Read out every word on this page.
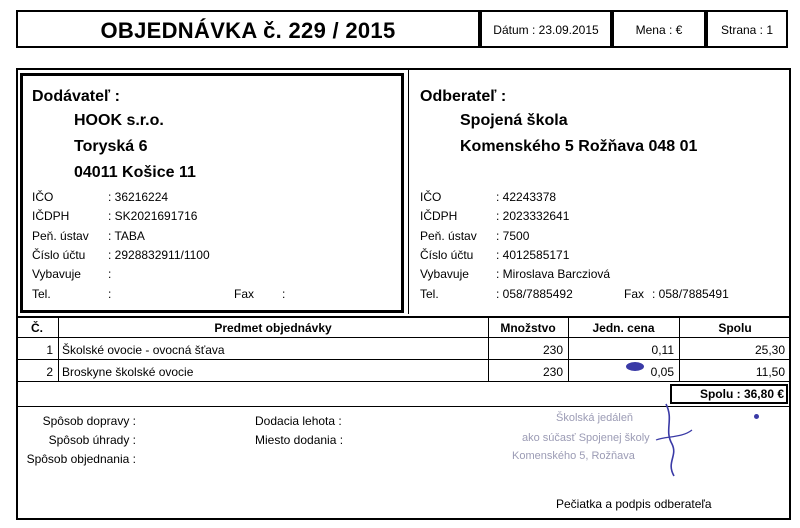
OBJEDNÁVKA č. 229 / 2015	Dátum : 23.09.2015	Mena : €	Strana : 1
Dodávateľ :
HOOK s.r.o.
Toryská 6
04011 Košice 11
IČO	: 36216224
IČDPH	: SK2021691716
Peň. ústav : TABA
Číslo účtu : 2928832911/1100
Vybavuje :
Tel.	:	Fax :
Odberateľ :
Spojená škola
Komenského 5 Rožňava 048 01
IČO	: 42243378
IČDPH	: 2023332641
Peň. ústav : 7500
Číslo účtu : 4012585171
Vybavuje : Miroslava Barcziová
Tel.	: 058/7885492	Fax : 058/7885491
Č.	Predmet objednávky	Množstvo	Jedn. cena	Spolu
1 Školské ovocie - ovocná šťava	230	0,11	25,30
2 Broskyne školské ovocie	230	0,05	11,50
Spolu : 36,80 €
Spôsob dopravy :
Spôsob úhrady :
Spôsob objednania :
Dodacia lehota :
Miesto dodania :
Školská jedáleň
ako súčasť Spojenej školy
Komenského 5, Rožňava
Pečiatka a podpis odberateľa
